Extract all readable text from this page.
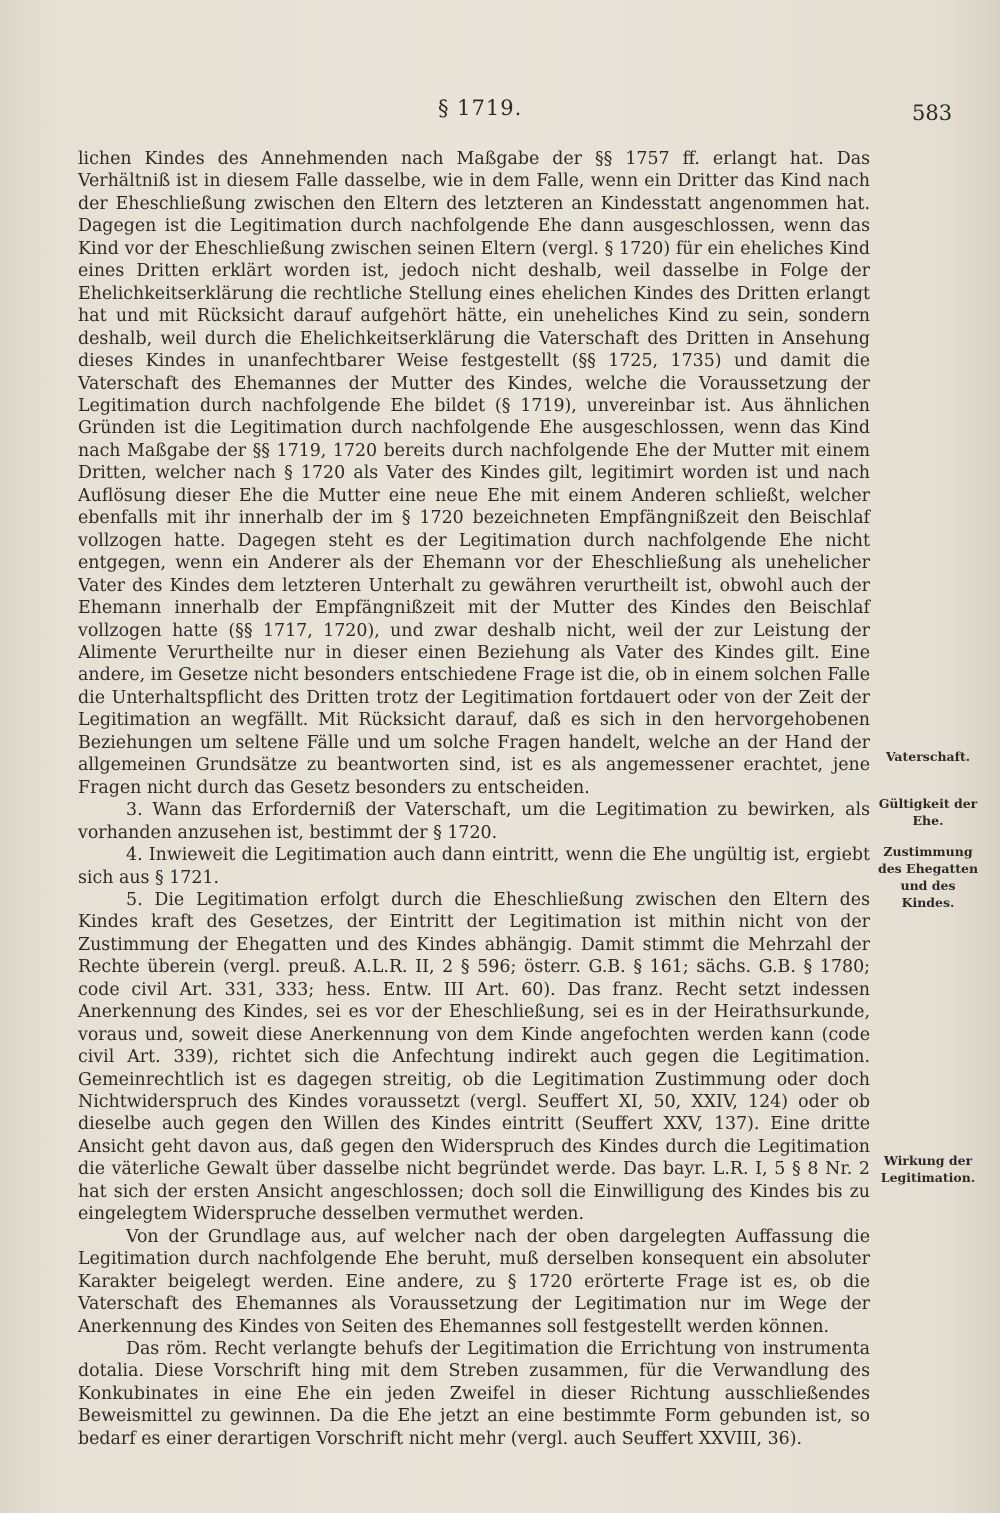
§ 1719.	583

lichen Kindes des Annehmenden nach Maßgabe der §§ 1757 ff. erlangt hat. Das Verhältniß ist in diesem Falle dasselbe, wie in dem Falle, wenn ein Dritter das Kind nach der Eheschließung zwischen den Eltern des letzteren an Kindesstatt angenommen hat. Dagegen ist die Legitimation durch nachfolgende Ehe dann ausgeschlossen, wenn das Kind vor der Eheschließung zwischen seinen Eltern (vergl. § 1720) für ein eheliches Kind eines Dritten erklärt worden ist, jedoch nicht deshalb, weil dasselbe in Folge der Ehelichkeitserklärung die rechtliche Stellung eines ehelichen Kindes des Dritten erlangt hat und mit Rücksicht darauf aufgehört hätte, ein uneheliches Kind zu sein, sondern deshalb, weil durch die Ehelichkeitserklärung die Vaterschaft des Dritten in Ansehung dieses Kindes in unanfechtbarer Weise festgestellt (§§ 1725, 1735) und damit die Vaterschaft des Ehemannes der Mutter des Kindes, welche die Voraussetzung der Legitimation durch nachfolgende Ehe bildet (§ 1719), unvereinbar ist. Aus ähnlichen Gründen ist die Legitimation durch nachfolgende Ehe ausgeschlossen, wenn das Kind nach Maßgabe der §§ 1719, 1720 bereits durch nachfolgende Ehe der Mutter mit einem Dritten, welcher nach § 1720 als Vater des Kindes gilt, legitimirt worden ist und nach Auflösung dieser Ehe die Mutter eine neue Ehe mit einem Anderen schließt, welcher ebenfalls mit ihr innerhalb der im § 1720 bezeichneten Empfängnißzeit den Beischlaf vollzogen hatte. Dagegen steht es der Legitimation durch nachfolgende Ehe nicht entgegen, wenn ein Anderer als der Ehemann vor der Eheschließung als unehelicher Vater des Kindes dem letzteren Unterhalt zu gewähren verurtheilt ist, obwohl auch der Ehemann innerhalb der Empfängnißzeit mit der Mutter des Kindes den Beischlaf vollzogen hatte (§§ 1717, 1720), und zwar deshalb nicht, weil der zur Leistung der Alimente Verurtheilte nur in dieser einen Beziehung als Vater des Kindes gilt. Eine andere, im Gesetze nicht besonders entschiedene Frage ist die, ob in einem solchen Falle die Unterhaltspflicht des Dritten trotz der Legitimation fortdauert oder von der Zeit der Legitimation an wegfällt. Mit Rücksicht darauf, daß es sich in den hervorgehobenen Beziehungen um seltene Fälle und um solche Fragen handelt, welche an der Hand der allgemeinen Grundsätze zu beantworten sind, ist es als angemessener erachtet, jene Fragen nicht durch das Gesetz besonders zu entscheiden.

3. Wann das Erforderniß der Vaterschaft, um die Legitimation zu bewirken, als vorhanden anzusehen ist, bestimmt der § 1720.

4. Inwieweit die Legitimation auch dann eintritt, wenn die Ehe ungültig ist, ergiebt sich aus § 1721.

5. Die Legitimation erfolgt durch die Eheschließung zwischen den Eltern des Kindes kraft des Gesetzes, der Eintritt der Legitimation ist mithin nicht von der Zustimmung der Ehegatten und des Kindes abhängig. Damit stimmt die Mehrzahl der Rechte überein (vergl. preuß. A.L.R. II, 2 § 596; österr. G.B. § 161; sächs. G.B. § 1780; code civil Art. 331, 333; hess. Entw. III Art. 60). Das franz. Recht setzt indessen Anerkennung des Kindes, sei es vor der Eheschließung, sei es in der Heirathsurkunde, voraus und, soweit diese Anerkennung von dem Kinde angefochten werden kann (code civil Art. 339), richtet sich die Anfechtung indirekt auch gegen die Legitimation. Gemeinrechtlich ist es dagegen streitig, ob die Legitimation Zustimmung oder doch Nichtwiderspruch des Kindes voraussetzt (vergl. Seuffert XI, 50, XXIV, 124) oder ob dieselbe auch gegen den Willen des Kindes eintritt (Seuffert XXV, 137). Eine dritte Ansicht geht davon aus, daß gegen den Widerspruch des Kindes durch die Legitimation die väterliche Gewalt über dasselbe nicht begründet werde. Das bayr. L.R. I, 5 § 8 Nr. 2 hat sich der ersten Ansicht angeschlossen; doch soll die Einwilligung des Kindes bis zu eingelegtem Widerspruche desselben vermuthet werden.

Von der Grundlage aus, auf welcher nach der oben dargelegten Auffassung die Legitimation durch nachfolgende Ehe beruht, muß derselben konsequent ein absoluter Karakter beigelegt werden. Eine andere, zu § 1720 erörterte Frage ist es, ob die Vaterschaft des Ehemannes als Voraussetzung der Legitimation nur im Wege der Anerkennung des Kindes von Seiten des Ehemannes soll festgestellt werden können.

Das röm. Recht verlangte behufs der Legitimation die Errichtung von instrumenta dotalia. Diese Vorschrift hing mit dem Streben zusammen, für die Verwandlung des Konkubinates in eine Ehe ein jeden Zweifel in dieser Richtung ausschließendes Beweismittel zu gewinnen. Da die Ehe jetzt an eine bestimmte Form gebunden ist, so bedarf es einer derartigen Vorschrift nicht mehr (vergl. auch Seuffert XXVIII, 36).

Vaterschaft.
Gültigkeit der Ehe.
Zustimmung des Ehegatten und des Kindes.
Wirkung der Legitimation.
